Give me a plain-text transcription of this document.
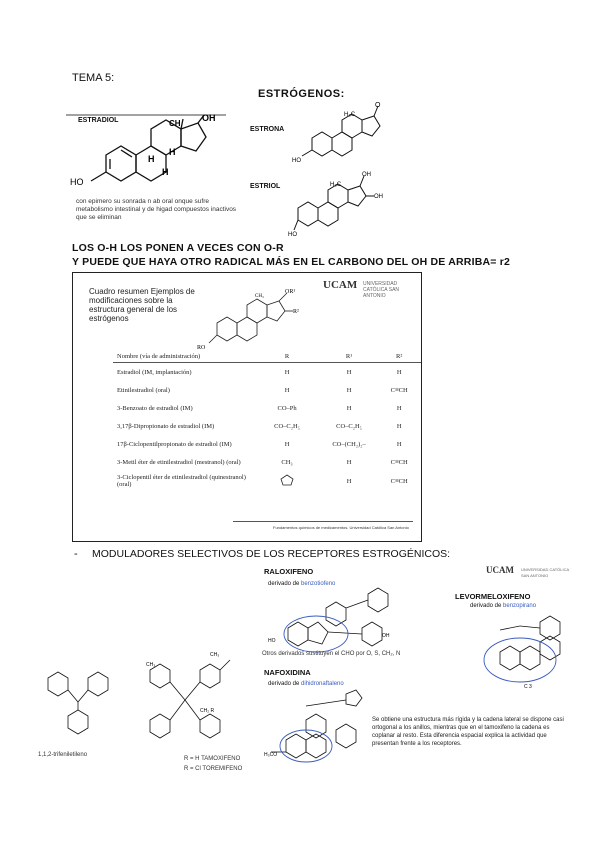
TEMA 5:
ESTRÓGENOS:
ESTRADIOL	CH
OH
H
H
H
HO
con epimero su sonrada n ab oral onque sufre metabolismo intestinal y de higad compuestos inactivos que se eliminan
ESTRONA
O
H₃C
HO
ESTRIOL
OH
OH
H₃C
HO
LOS O-H LOS PONEN A VECES CON O-R
Y PUEDE QUE HAYA OTRO RADICAL MÁS EN EL CARBONO DEL OH DE ARRIBA= r2
Cuadro resumen Ejemplos de modificaciones sobre la estructura general de los estrógenos
UCAM UNIVERSIDAD CATÓLICA SAN ANTONIO
OR¹
R²
CH₃
RO
Nombre (vía de administración)	R	R¹	R²
Estradiol (IM, implantación)	H	H	H
Etinilestradiol (oral)	H	H	C≡CH
3-Benzoato de estradiol (IM)	CO–Ph	H	H
3,17β-Dipropionato de estradiol (IM)	CO–C₂H₅	CO–C₂H₅	H
17β-Ciclopentilpropionato de estradiol (IM)	H	CO–(CH₂)₂–	H
3-Metil éter de etinilestradiol (mestranol) (oral)	CH₃	H	C≡CH
3-Ciclopentil éter de etinilestradiol (quinestranol) (oral)		H	C≡CH
Fundamentos químicos de medicamentos. Universidad Católica San Antonio
- MODULADORES SELECTIVOS DE LOS RECEPTORES ESTROGÉNICOS:
RALOXIFENO
derivado de benzotiofeno
OH
HO
Otros derivados sustituyen el CHO por O, S, CH₂, N
UCAM UNIVERSIDAD CATÓLICA SAN ANTONIO
LEVORMELOXIFENO
derivado de benzopirano
C 3
1,1,2-trifeniletileno
CH₃
CH₃
CH₂ R
R = H TAMOXIFENO
R = Cl TOREMIFENO
NAFOXIDINA
derivado de dihidronaftaleno
H₃CO
Se obtiene una estructura más rígida y la cadena lateral se dispone casi ortogonal a los anillos, mientras que en el tamoxifeno la cadena es coplanar al resto. Esta diferencia espacial explica la actividad que presentan frente a los receptores.
